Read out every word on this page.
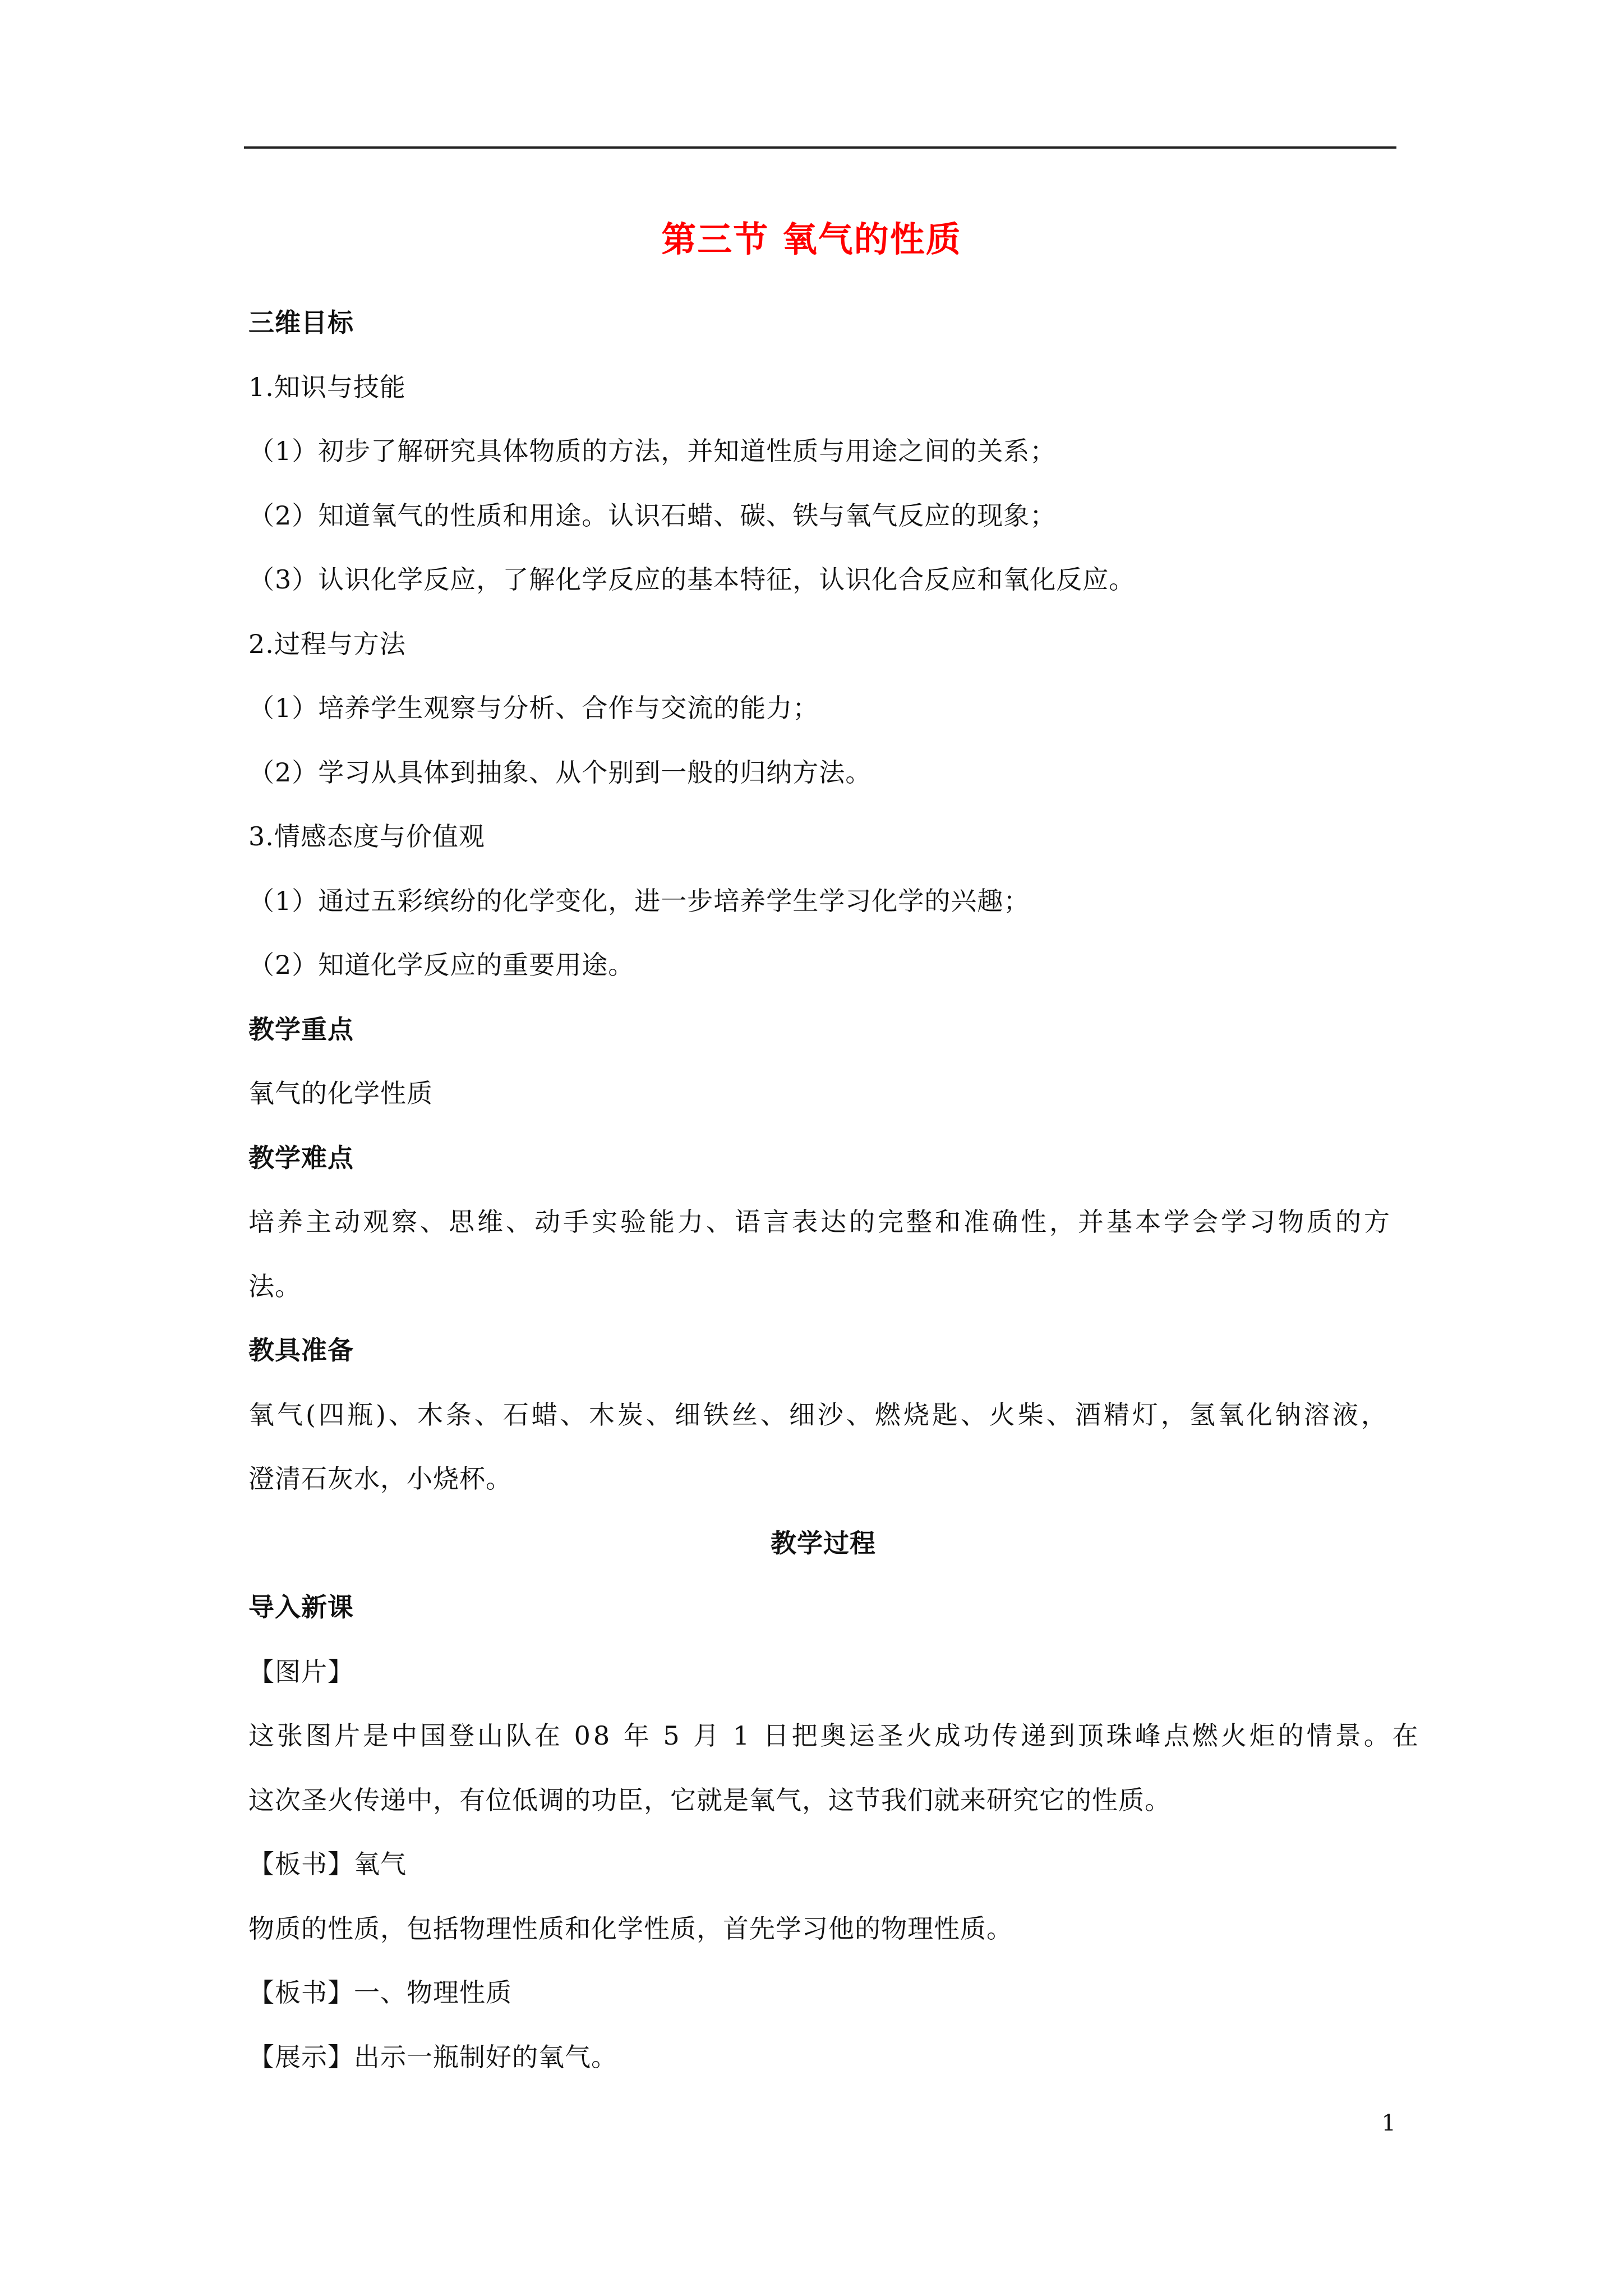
第三节 氧气的性质
三维目标
1.知识与技能
（1）初步了解研究具体物质的方法，并知道性质与用途之间的关系；
（2）知道氧气的性质和用途。认识石蜡、碳、铁与氧气反应的现象；
（3）认识化学反应，了解化学反应的基本特征，认识化合反应和氧化反应。
2.过程与方法
（1）培养学生观察与分析、合作与交流的能力；
（2）学习从具体到抽象、从个别到一般的归纳方法。
3.情感态度与价值观
（1）通过五彩缤纷的化学变化，进一步培养学生学习化学的兴趣；
（2）知道化学反应的重要用途。
教学重点
氧气的化学性质
教学难点
培养主动观察、思维、动手实验能力、语言表达的完整和准确性，并基本学会学习物质的方
法。
教具准备
氧气(四瓶)、木条、石蜡、木炭、细铁丝、细沙、燃烧匙、火柴、酒精灯，氢氧化钠溶液，
澄清石灰水，小烧杯。
教学过程
导入新课
【图片】
这张图片是中国登山队在 08 年 5 月 1 日把奥运圣火成功传递到顶珠峰点燃火炬的情景。在
这次圣火传递中，有位低调的功臣，它就是氧气，这节我们就来研究它的性质。
【板书】氧气
物质的性质，包括物理性质和化学性质，首先学习他的物理性质。
【板书】一、物理性质
【展示】出示一瓶制好的氧气。
1
